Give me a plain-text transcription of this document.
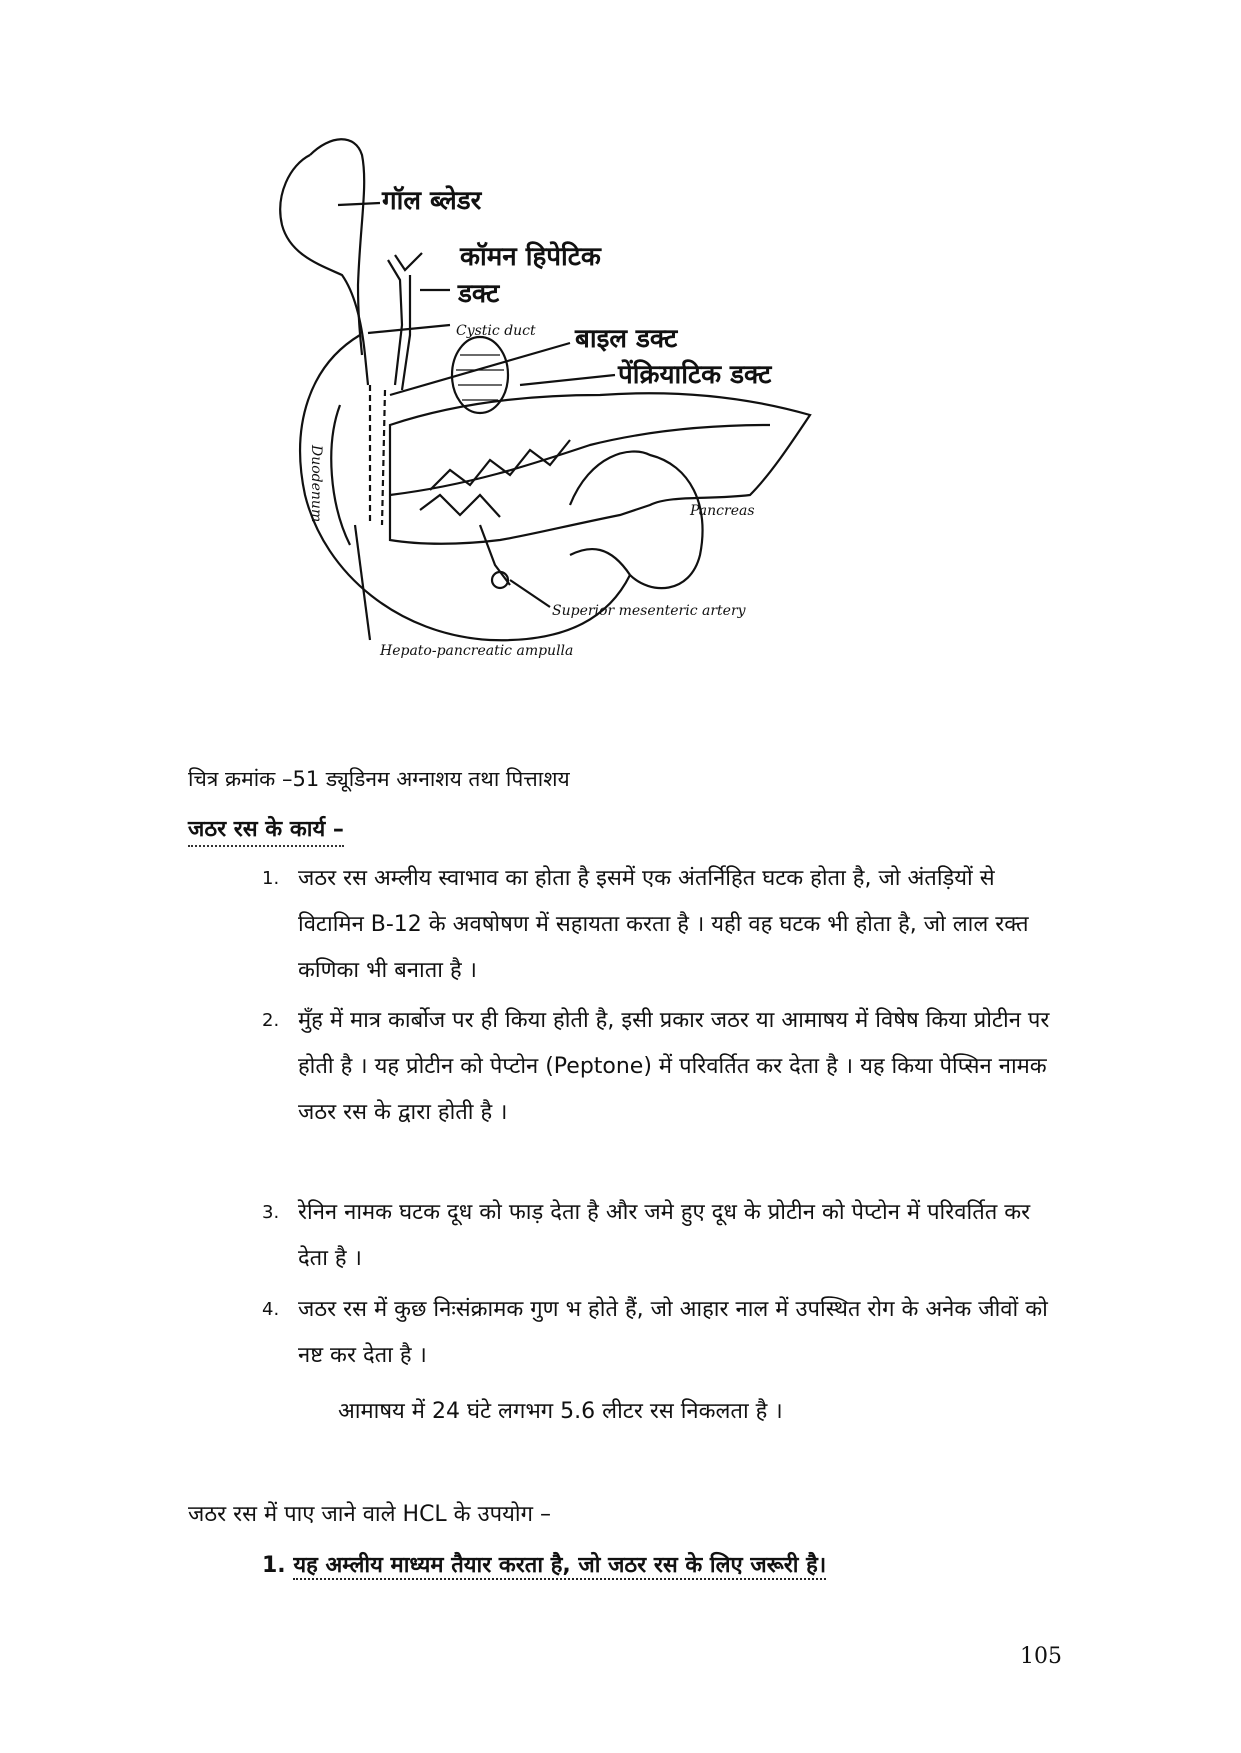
गॉल ब्लेडर
कॉमन हिपेटिक
डक्ट
बाइल डक्ट
पेंक्रियाटिक डक्ट
Cystic duct
Duodenum	Pancreas
Superior mesenteric artery
Hepato-pancreatic ampulla
चित्र क्रमांक –51 ड्यूडिनम अग्नाशय तथा पित्ताशय
जठर रस के कार्य –
1. जठर रस अम्लीय स्वाभाव का होता है इसमें एक अंतर्निहित घटक होता है, जो अंतड़ियों से विटामिन B-12 के अवषोषण में सहायता करता है । यही वह घटक भी होता है, जो लाल रक्त कणिका भी बनाता है ।
2. मुँह में मात्र कार्बोज पर ही किया होती है, इसी प्रकार जठर या आमाषय में विषेष किया प्रोटीन पर होती है । यह प्रोटीन को पेप्टोन (Peptone) में परिवर्तित कर देता है । यह किया पेप्सिन नामक जठर रस के द्वारा होती है ।
3. रेनिन नामक घटक दूध को फाड़ देता है और जमे हुए दूध के प्रोटीन को पेप्टोन में परिवर्तित कर देता है ।
4. जठर रस में कुछ निःसंक्रामक गुण भ होते हैं, जो आहार नाल में उपस्थित रोग के अनेक जीवों को नष्ट कर देता है ।
आमाषय में 24 घंटे लगभग 5.6 लीटर रस निकलता है ।
जठर रस में पाए जाने वाले HCL के उपयोग –
1. यह अम्लीय माध्यम तैयार करता है, जो जठर रस के लिए जरूरी है।
105
